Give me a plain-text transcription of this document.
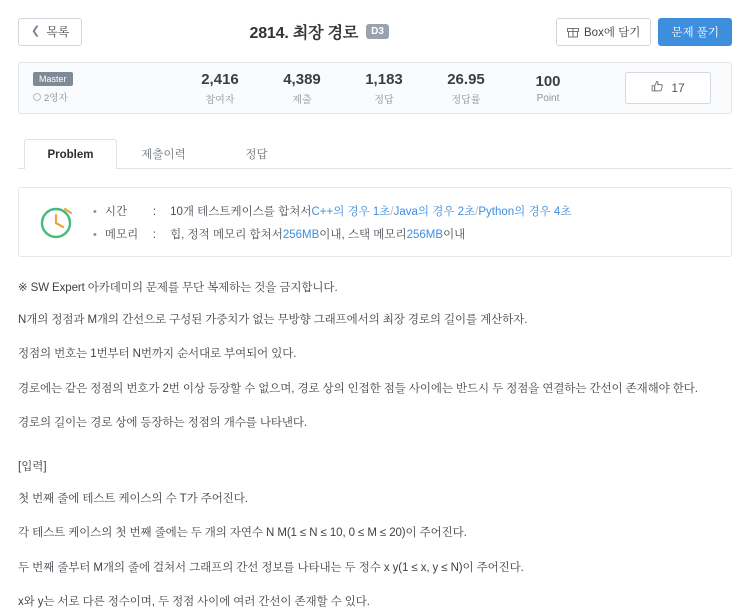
❮ 목록	2814. 최장 경로	D3	Box에 담기	문제 풀기
Master
2영자
2,416
참여자
4,389
제출
1,183
정답
26.95
정답률
100
Point
17
Problem	제출이력	정답
• 시간	: 10개 테스트케이스를 합쳐서 C++의 경우 1초 / Java의 경우 2초 / Python의 경우 4초
• 메모리	: 힙, 정적 메모리 합쳐서 256MB 이내, 스택 메모리 256MB 이내
※ SW Expert 아카데미의 문제를 무단 복제하는 것을 금지합니다.
N개의 정점과 M개의 간선으로 구성된 가중치가 없는 무방향 그래프에서의 최장 경로의 길이를 계산하자.
정점의 번호는 1번부터 N번까지 순서대로 부여되어 있다.
경로에는 같은 정점의 번호가 2번 이상 등장할 수 없으며, 경로 상의 인접한 점들 사이에는 반드시 두 정점을 연결하는 간선이 존재해야 한다.
경로의 길이는 경로 상에 등장하는 정점의 개수를 나타낸다.
[입력]
첫 번째 줄에 테스트 케이스의 수 T가 주어진다.
각 테스트 케이스의 첫 번째 줄에는 두 개의 자연수 N M(1 ≤ N ≤ 10, 0 ≤ M ≤ 20)이 주어진다.
두 번째 줄부터 M개의 줄에 걸쳐서 그래프의 간선 정보를 나타내는 두 정수 x y(1 ≤ x, y ≤ N)이 주어진다.
x와 y는 서로 다른 정수이며, 두 정점 사이에 여러 간선이 존재할 수 있다.
